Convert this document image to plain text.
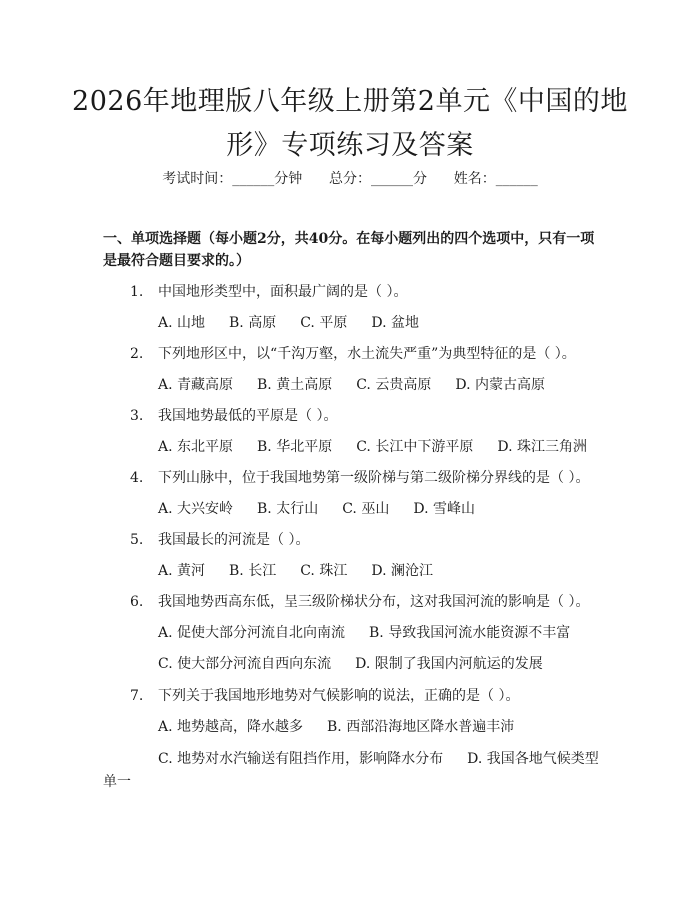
2026年地理版八年级上册第2单元《中国的地形》专项练习及答案
考试时间：______分钟      总分：______分      姓名：______
一、单项选择题（每小题2分，共40分。在每小题列出的四个选项中，只有一项是最符合题目要求的。）
1. 中国地形类型中，面积最广阔的是（ ）。
A. 山地 B. 高原 C. 平原 D. 盆地
2. 下列地形区中，以“千沟万壑，水土流失严重”为典型特征的是（ ）。
A. 青藏高原 B. 黄土高原 C. 云贵高原 D. 内蒙古高原
3. 我国地势最低的平原是（ ）。
A. 东北平原 B. 华北平原 C. 长江中下游平原 D. 珠江三角洲
4. 下列山脉中，位于我国地势第一级阶梯与第二级阶梯分界线的是（ ）。
A. 大兴安岭 B. 太行山 C. 巫山 D. 雪峰山
5. 我国最长的河流是（ ）。
A. 黄河 B. 长江 C. 珠江 D. 澜沧江
6. 我国地势西高东低，呈三级阶梯状分布，这对我国河流的影响是（ ）。
A. 促使大部分河流自北向南流 B. 导致我国河流水能资源不丰富
C. 使大部分河流自西向东流 D. 限制了我国内河航运的发展
7. 下列关于我国地形地势对气候影响的说法，正确的是（ ）。
A. 地势越高，降水越多 B. 西部沿海地区降水普遍丰沛
C. 地势对水汽输送有阻挡作用，影响降水分布 D. 我国各地气候类型
单一
